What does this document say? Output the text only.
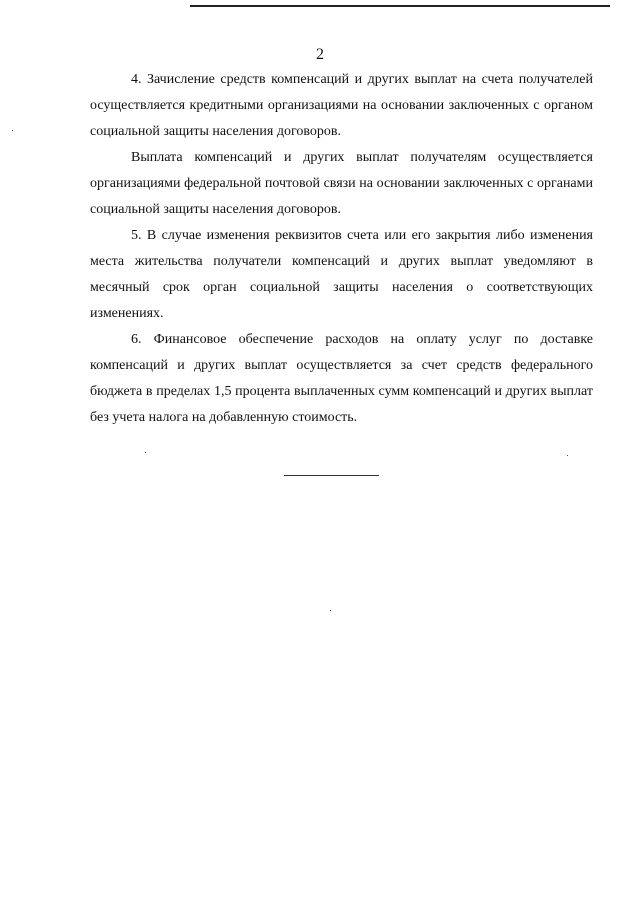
2

4. Зачисление средств компенсаций и других выплат на счета получателей осуществляется кредитными организациями на основании заключенных с органом социальной защиты населения договоров.

Выплата компенсаций и других выплат получателям осуществляется организациями федеральной почтовой связи на основании заключенных с органами социальной защиты населения договоров.

5. В случае изменения реквизитов счета или его закрытия либо изменения места жительства получатели компенсаций и других выплат уведомляют в месячный срок орган социальной защиты населения о соответствующих изменениях.

6. Финансовое обеспечение расходов на оплату услуг по доставке компенсаций и других выплат осуществляется за счет средств федерального бюджета в пределах 1,5 процента выплаченных сумм компенсаций и других выплат без учета налога на добавленную стоимость.
